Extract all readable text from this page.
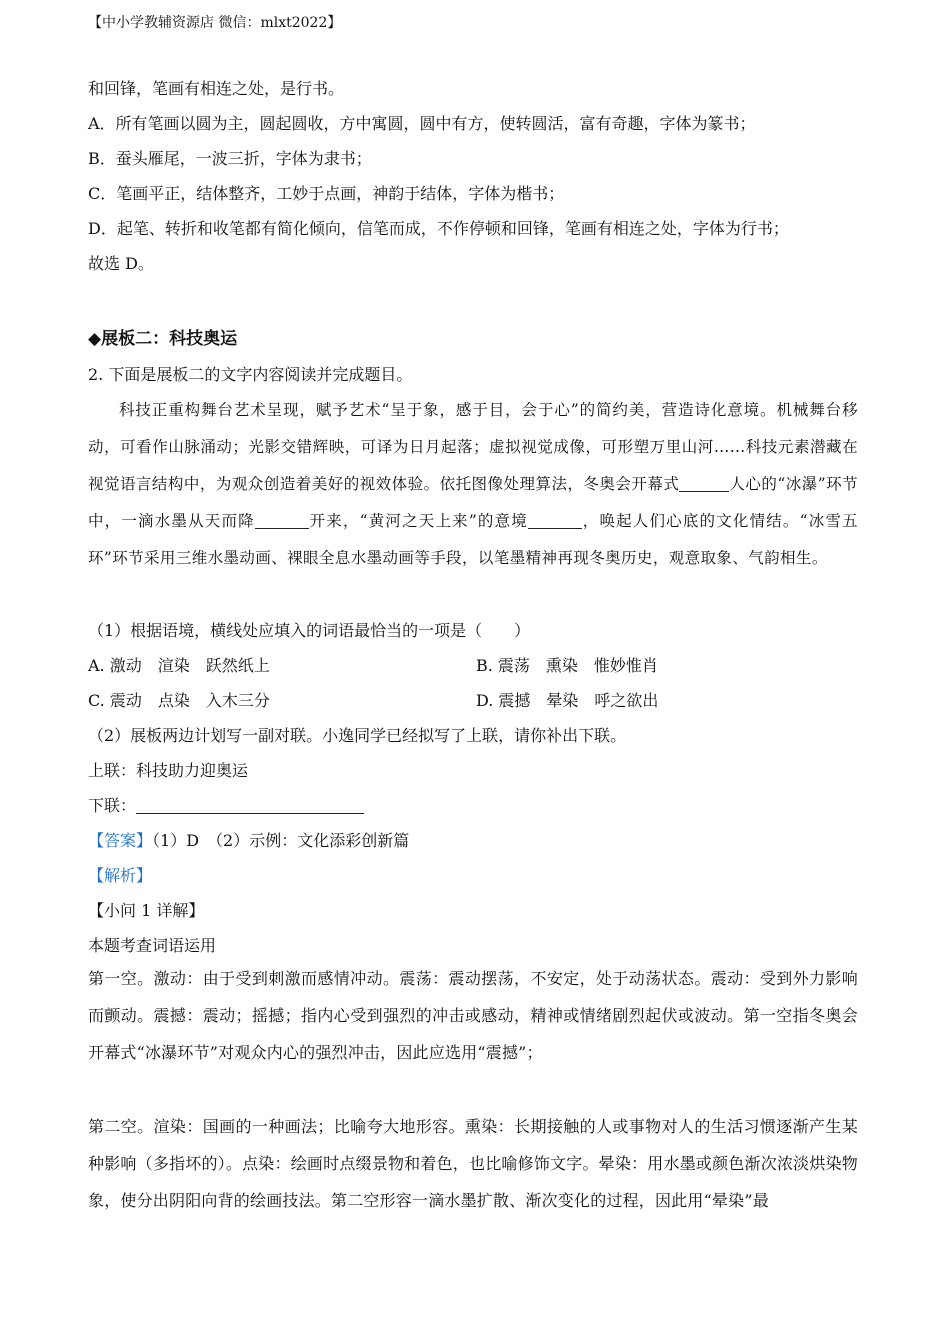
【中小学教辅资源店 微信：mlxt2022】
和回锋，笔画有相连之处，是行书。
A．所有笔画以圆为主，圆起圆收，方中寓圆，圆中有方，使转圆活，富有奇趣，字体为篆书；
B．蚕头雁尾，一波三折，字体为隶书；
C．笔画平正，结体整齐，工妙于点画，神韵于结体，字体为楷书；
D．起笔、转折和收笔都有简化倾向，信笔而成，不作停顿和回锋，笔画有相连之处，字体为行书；
故选 D。
◆展板二：科技奥运
2. 下面是展板二的文字内容阅读并完成题目。

科技正重构舞台艺术呈现，赋予艺术“呈于象，感于目，会于心”的简约美，营造诗化意境。机械舞台移动，可看作山脉涌动；光影交错辉映，可译为日月起落；虚拟视觉成像，可形塑万里山河……科技元素潜藏在视觉语言结构中，为观众创造着美好的视效体验。依托图像处理算法，冬奥会开幕式	人心的“冰瀑”环节中，一滴水墨从天而降	开来，“黄河之天上来”的意境	，唤起人们心底的文化情结。“冰雪五环”环节采用三维水墨动画、裸眼全息水墨动画等手段，以笔墨精神再现冬奥历史，观意取象、气韵相生。

（1）根据语境，横线处应填入的词语最恰当的一项是（　　）
A. 激动　渲染　跃然纸上	B. 震荡　熏染　惟妙惟肖
C. 震动　点染　入木三分	D. 震撼　晕染　呼之欲出
（2）展板两边计划写一副对联。小逸同学已经拟写了上联，请你补出下联。
上联：科技助力迎奥运
下联：
【答案】（1）D　（2）示例：文化添彩创新篇
【解析】
【小问 1 详解】
本题考查词语运用

第一空。激动：由于受到刺激而感情冲动。震荡：震动摆荡，不安定，处于动荡状态。震动：受到外力影响而颤动。震撼：震动；摇撼；指内心受到强烈的冲击或感动，精神或情绪剧烈起伏或波动。第一空指冬奥会开幕式“冰瀑环节”对观众内心的强烈冲击，因此应选用“震撼”；

第二空。渲染：国画的一种画法；比喻夸大地形容。熏染：长期接触的人或事物对人的生活习惯逐渐产生某种影响（多指坏的）。点染：绘画时点缀景物和着色，也比喻修饰文字。晕染：用水墨或颜色渐次浓淡烘染物象，使分出阴阳向背的绘画技法。第二空形容一滴水墨扩散、渐次变化的过程，因此用“晕染”最
